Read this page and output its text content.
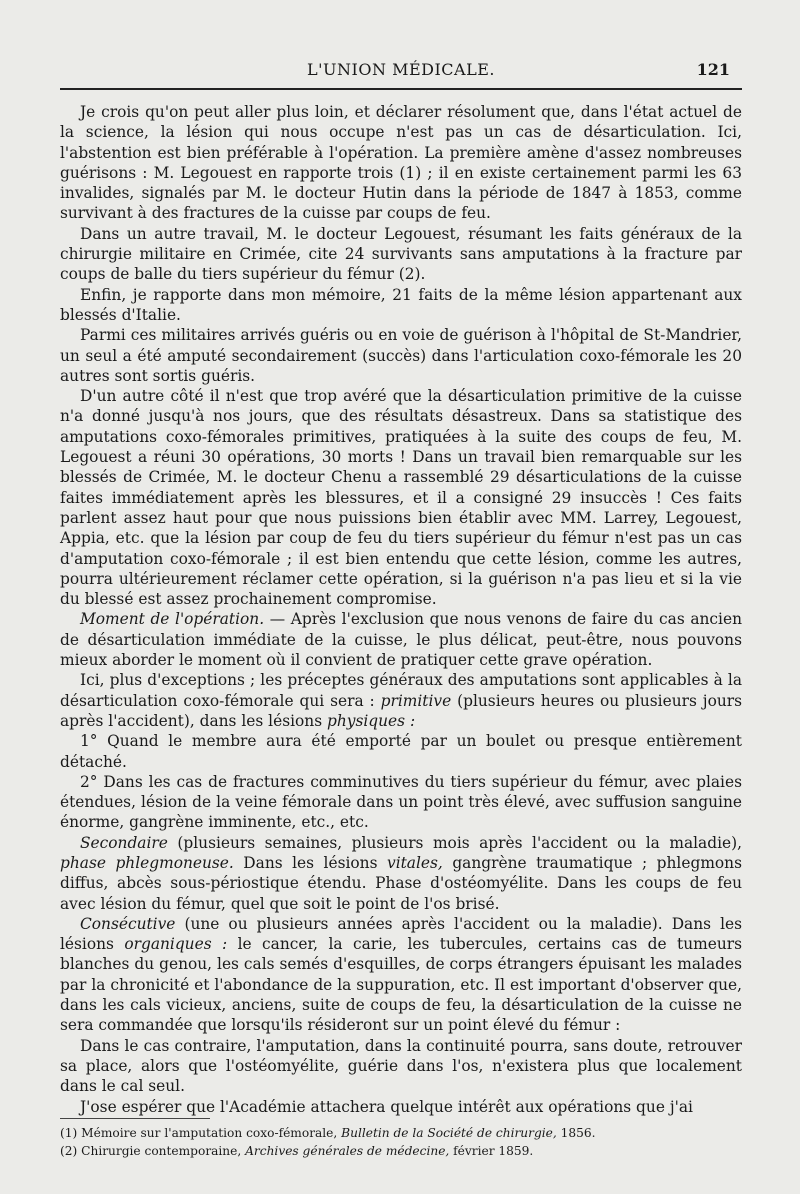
L'UNION MÉDICALE.	121

Je crois qu'on peut aller plus loin, et déclarer résolument que, dans l'état actuel de la science, la lésion qui nous occupe n'est pas un cas de désarticulation. Ici, l'abstention est bien préférable à l'opération. La première amène d'assez nombreuses guérisons : M. Legouest en rapporte trois (1) ; il en existe certainement parmi les 63 invalides, signalés par M. le docteur Hutin dans la période de 1847 à 1853, comme survivant à des fractures de la cuisse par coups de feu.

Dans un autre travail, M. le docteur Legouest, résumant les faits généraux de la chirurgie militaire en Crimée, cite 24 survivants sans amputations à la fracture par coups de balle du tiers supérieur du fémur (2).

Enfin, je rapporte dans mon mémoire, 21 faits de la même lésion appartenant aux blessés d'Italie.

Parmi ces militaires arrivés guéris ou en voie de guérison à l'hôpital de St-Mandrier, un seul a été amputé secondairement (succès) dans l'articulation coxo-fémorale les 20 autres sont sortis guéris.

D'un autre côté il n'est que trop avéré que la désarticulation primitive de la cuisse n'a donné jusqu'à nos jours, que des résultats désastreux. Dans sa statistique des amputations coxo-fémorales primitives, pratiquées à la suite des coups de feu, M. Legouest a réuni 30 opérations, 30 morts ! Dans un travail bien remarquable sur les blessés de Crimée, M. le docteur Chenu a rassemblé 29 désarticulations de la cuisse faites immédiatement après les blessures, et il a consigné 29 insuccès ! Ces faits parlent assez haut pour que nous puissions bien établir avec MM. Larrey, Legouest, Appia, etc. que la lésion par coup de feu du tiers supérieur du fémur n'est pas un cas d'amputation coxo-fémorale ; il est bien entendu que cette lésion, comme les autres, pourra ultérieurement réclamer cette opération, si la guérison n'a pas lieu et si la vie du blessé est assez prochainement compromise.

Moment de l'opération. — Après l'exclusion que nous venons de faire du cas ancien de désarticulation immédiate de la cuisse, le plus délicat, peut-être, nous pouvons mieux aborder le moment où il convient de pratiquer cette grave opération.

Ici, plus d'exceptions ; les préceptes généraux des amputations sont applicables à la désarticulation coxo-fémorale qui sera : primitive (plusieurs heures ou plusieurs jours après l'accident), dans les lésions physiques :

1° Quand le membre aura été emporté par un boulet ou presque entièrement détaché.

2° Dans les cas de fractures comminutives du tiers supérieur du fémur, avec plaies étendues, lésion de la veine fémorale dans un point très élevé, avec suffusion sanguine énorme, gangrène imminente, etc., etc.

Secondaire (plusieurs semaines, plusieurs mois après l'accident ou la maladie), phase phlegmoneuse. Dans les lésions vitales, gangrène traumatique ; phlegmons diffus, abcès sous-périostique étendu. Phase d'ostéomyélite. Dans les coups de feu avec lésion du fémur, quel que soit le point de l'os brisé.

Consécutive (une ou plusieurs années après l'accident ou la maladie). Dans les lésions organiques : le cancer, la carie, les tubercules, certains cas de tumeurs blanches du genou, les cals semés d'esquilles, de corps étrangers épuisant les malades par la chronicité et l'abondance de la suppuration, etc. Il est important d'observer que, dans les cals vicieux, anciens, suite de coups de feu, la désarticulation de la cuisse ne sera commandée que lorsqu'ils résideront sur un point élevé du fémur :

Dans le cas contraire, l'amputation, dans la continuité pourra, sans doute, retrouver sa place, alors que l'ostéomyélite, guérie dans l'os, n'existera plus que localement dans le cal seul.

J'ose espérer que l'Académie attachera quelque intérêt aux opérations que j'ai

(1) Mémoire sur l'amputation coxo-fémorale, Bulletin de la Société de chirurgie, 1856.
(2) Chirurgie contemporaine, Archives générales de médecine, février 1859.
